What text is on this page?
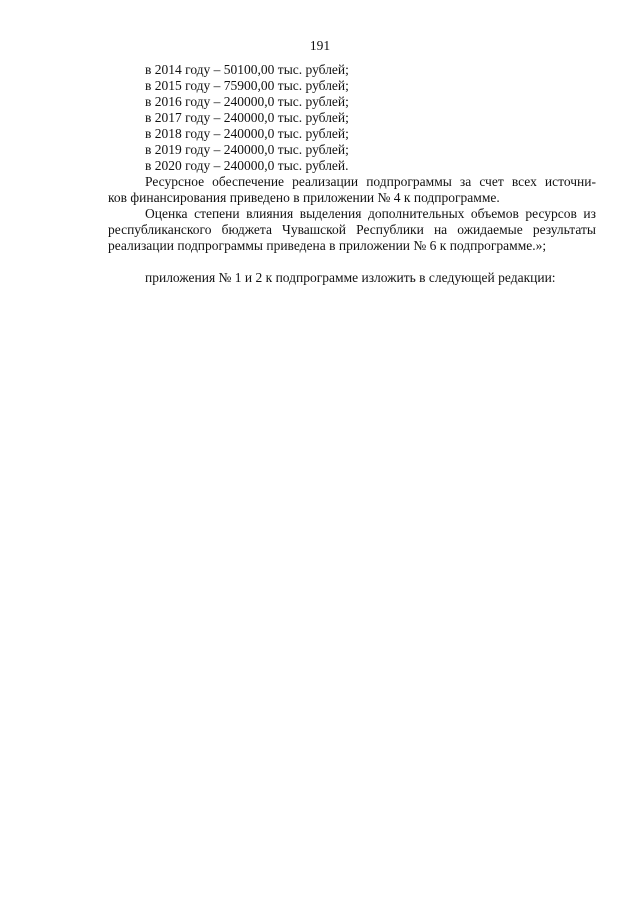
191
в 2014 году – 50100,00 тыс. рублей;
в 2015 году – 75900,00 тыс. рублей;
в 2016 году – 240000,0 тыс. рублей;
в 2017 году – 240000,0 тыс. рублей;
в 2018 году – 240000,0 тыс. рублей;
в 2019 году – 240000,0 тыс. рублей;
в 2020 году – 240000,0 тыс. рублей.
Ресурсное обеспечение реализации подпрограммы за счет всех источни-
ков финансирования приведено в приложении № 4 к подпрограмме.
Оценка степени влияния выделения дополнительных объемов ресурсов из
республиканского бюджета Чувашской Республики на ожидаемые результаты
реализации подпрограммы приведена в приложении № 6 к подпрограмме.»;
приложения № 1 и 2 к подпрограмме изложить в следующей редакции:
